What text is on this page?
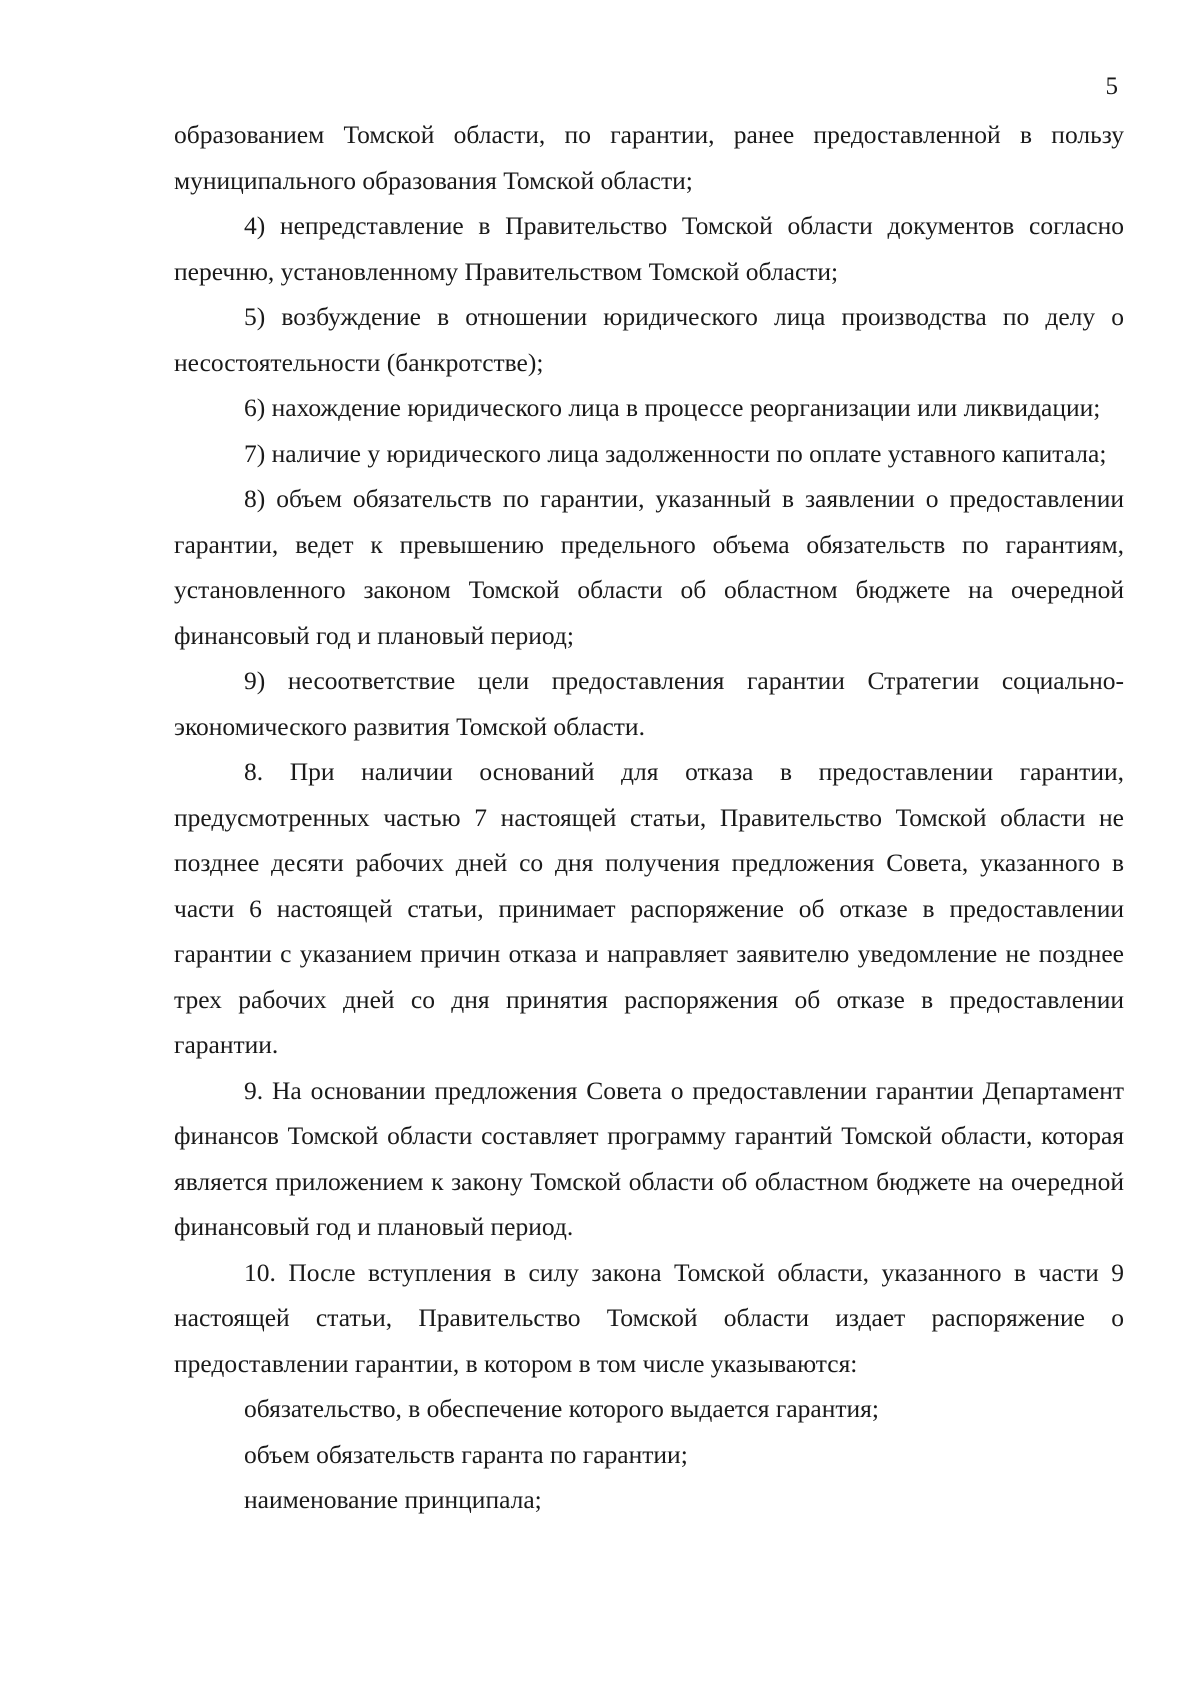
5

образованием Томской области, по гарантии, ранее предоставленной в пользу муниципального образования Томской области;

4) непредставление в Правительство Томской области документов согласно перечню, установленному Правительством Томской области;

5) возбуждение в отношении юридического лица производства по делу о несостоятельности (банкротстве);

6) нахождение юридического лица в процессе реорганизации или ликвидации;

7) наличие у юридического лица задолженности по оплате уставного капитала;

8) объем обязательств по гарантии, указанный в заявлении о предоставлении гарантии, ведет к превышению предельного объема обязательств по гарантиям, установленного законом Томской области об областном бюджете на очередной финансовый год и плановый период;

9) несоответствие цели предоставления гарантии Стратегии социально-экономического развития Томской области.

8. При наличии оснований для отказа в предоставлении гарантии, предусмотренных частью 7 настоящей статьи, Правительство Томской области не позднее десяти рабочих дней со дня получения предложения Совета, указанного в части 6 настоящей статьи, принимает распоряжение об отказе в предоставлении гарантии с указанием причин отказа и направляет заявителю уведомление не позднее трех рабочих дней со дня принятия распоряжения об отказе в предоставлении гарантии.

9. На основании предложения Совета о предоставлении гарантии Департамент финансов Томской области составляет программу гарантий Томской области, которая является приложением к закону Томской области об областном бюджете на очередной финансовый год и плановый период.

10. После вступления в силу закона Томской области, указанного в части 9 настоящей статьи, Правительство Томской области издает распоряжение о предоставлении гарантии, в котором в том числе указываются:

обязательство, в обеспечение которого выдается гарантия;

объем обязательств гаранта по гарантии;

наименование принципала;
